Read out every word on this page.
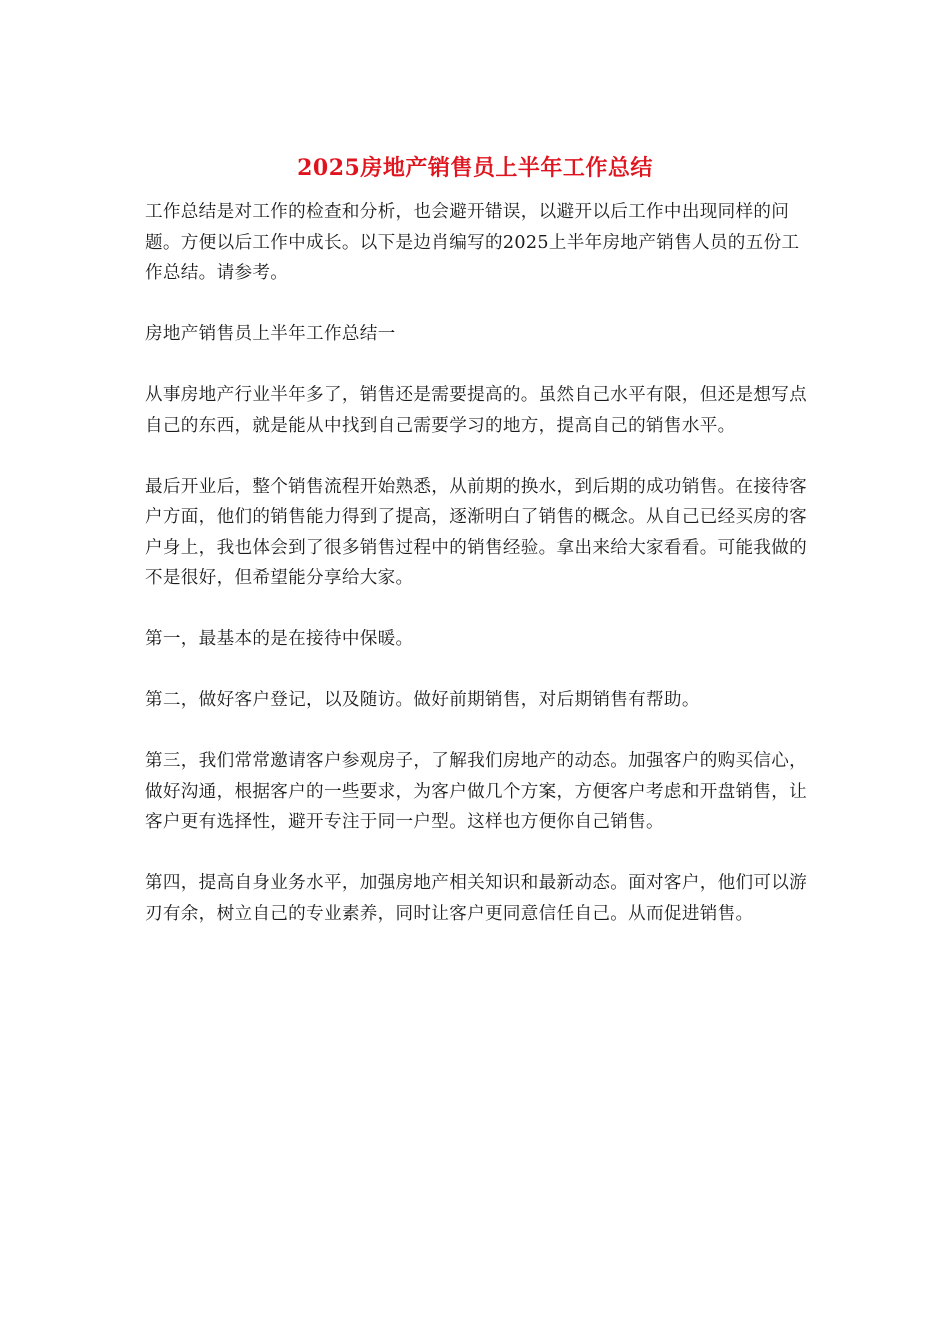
2025房地产销售员上半年工作总结

工作总结是对工作的检查和分析，也会避开错误，以避开以后工作中出现同样的问题。方便以后工作中成长。以下是边肖编写的2025上半年房地产销售人员的五份工作总结。请参考。

房地产销售员上半年工作总结一

从事房地产行业半年多了，销售还是需要提高的。虽然自己水平有限，但还是想写点自己的东西，就是能从中找到自己需要学习的地方，提高自己的销售水平。

最后开业后，整个销售流程开始熟悉，从前期的换水，到后期的成功销售。在接待客户方面，他们的销售能力得到了提高，逐渐明白了销售的概念。从自己已经买房的客户身上，我也体会到了很多销售过程中的销售经验。拿出来给大家看看。可能我做的不是很好，但希望能分享给大家。

第一，最基本的是在接待中保暖。

第二，做好客户登记，以及随访。做好前期销售，对后期销售有帮助。

第三，我们常常邀请客户参观房子，了解我们房地产的动态。加强客户的购买信心，做好沟通，根据客户的一些要求，为客户做几个方案，方便客户考虑和开盘销售，让客户更有选择性，避开专注于同一户型。这样也方便你自己销售。

第四，提高自身业务水平，加强房地产相关知识和最新动态。面对客户，他们可以游刃有余，树立自己的专业素养，同时让客户更同意信任自己。从而促进销售。
